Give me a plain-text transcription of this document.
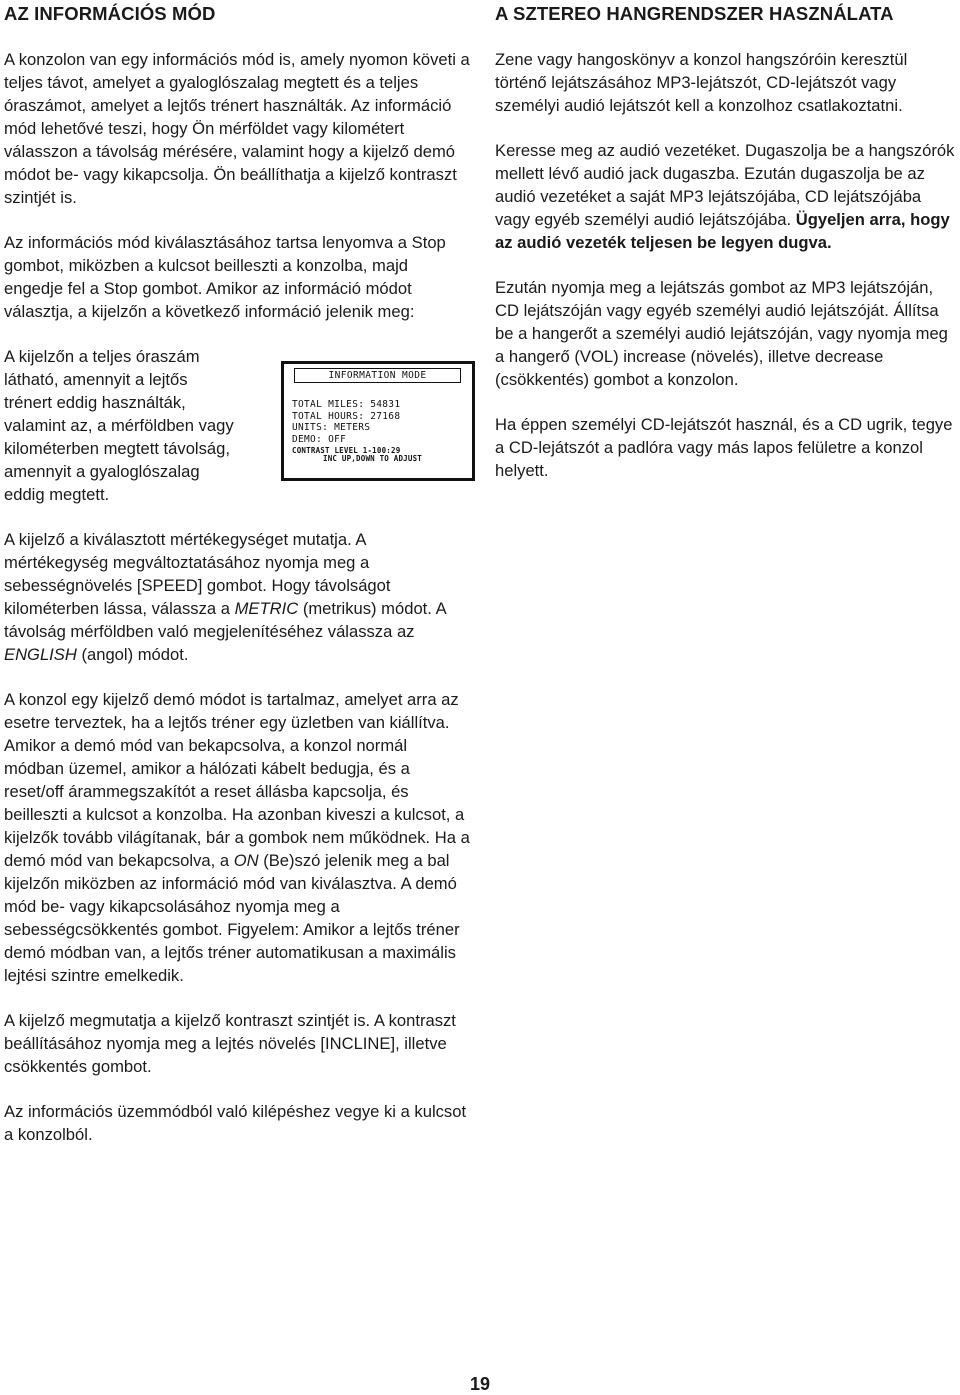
AZ INFORMÁCIÓS MÓD

A konzolon van egy információs mód is, amely nyomon követi a teljes távot, amelyet a gyaloglószalag megtett és a teljes óraszámot, amelyet a lejtős trénert használták. Az információ mód lehetővé teszi, hogy Ön mérföldet vagy kilométert válasszon a távolság mérésére, valamint hogy a kijelző demó módot be- vagy kikapcsolja. Ön beállíthatja a kijelző kontraszt szintjét is.

Az információs mód kiválasztásához tartsa lenyomva a Stop gombot, miközben a kulcsot beilleszti a konzolba, majd engedje fel a Stop gombot. Amikor az információ módot választja, a kijelzőn a következő információ jelenik meg:

A kijelzőn a teljes óraszám látható, amennyit a lejtős trénert eddig használták, valamint az, a mérföldben vagy kilométerben megtett távolság, amennyit a gyaloglószalag eddig megtett.

INFORMATION MODE
TOTAL MILES: 54831
TOTAL HOURS: 27168
UNITS: METERS
DEMO: OFF
CONTRAST LEVEL 1-100:29
INC UP,DOWN TO ADJUST

A kijelző a kiválasztott mértékegységet mutatja. A mértékegység megváltoztatásához nyomja meg a sebességnövelés [SPEED] gombot. Hogy távolságot kilométerben lássa, válassza a METRIC (metrikus) módot. A távolság mérföldben való megjelenítéséhez válassza az ENGLISH (angol) módot.

A konzol egy kijelző demó módot is tartalmaz, amelyet arra az esetre terveztek, ha a lejtős tréner egy üzletben van kiállítva. Amikor a demó mód van bekapcsolva, a konzol normál módban üzemel, amikor a hálózati kábelt bedugja, és a reset/off árammegszakítót a reset állásba kapcsolja, és beilleszti a kulcsot a konzolba. Ha azonban kiveszi a kulcsot, a kijelzők tovább világítanak, bár a gombok nem működnek. Ha a demó mód van bekapcsolva, a ON (Be)szó jelenik meg a bal kijelzőn miközben az információ mód van kiválasztva. A demó mód be- vagy kikapcsolásához nyomja meg a sebességcsökkentés gombot. Figyelem: Amikor a lejtős tréner demó módban van, a lejtős tréner automatikusan a maximális lejtési szintre emelkedik.

A kijelző megmutatja a kijelző kontraszt szintjét is. A kontraszt beállításához nyomja meg a lejtés növelés [INCLINE], illetve csökkentés gombot.

Az információs üzemmódból való kilépéshez vegye ki a kulcsot a konzolból.

A SZTEREO HANGRENDSZER HASZNÁLATA

Zene vagy hangoskönyv a konzol hangszóróin keresztül történő lejátszásához MP3-lejátszót, CD-lejátszót vagy személyi audió lejátszót kell a konzolhoz csatlakoztatni.

Keresse meg az audió vezetéket. Dugaszolja be a hangszórók mellett lévő audió jack dugaszba. Ezután dugaszolja be az audió vezetéket a saját MP3 lejátszójába, CD lejátszójába vagy egyéb személyi audió lejátszójába. Ügyeljen arra, hogy az audió vezeték teljesen be legyen dugva.

Ezután nyomja meg a lejátszás gombot az MP3 lejátszóján, CD lejátszóján vagy egyéb személyi audió lejátszóját. Állítsa be a hangerőt a személyi audió lejátszóján, vagy nyomja meg a hangerő (VOL) increase (növelés), illetve decrease (csökkentés) gombot a konzolon.

Ha éppen személyi CD-lejátszót használ, és a CD ugrik, tegye a CD-lejátszót a padlóra vagy más lapos felületre a konzol helyett.

19
